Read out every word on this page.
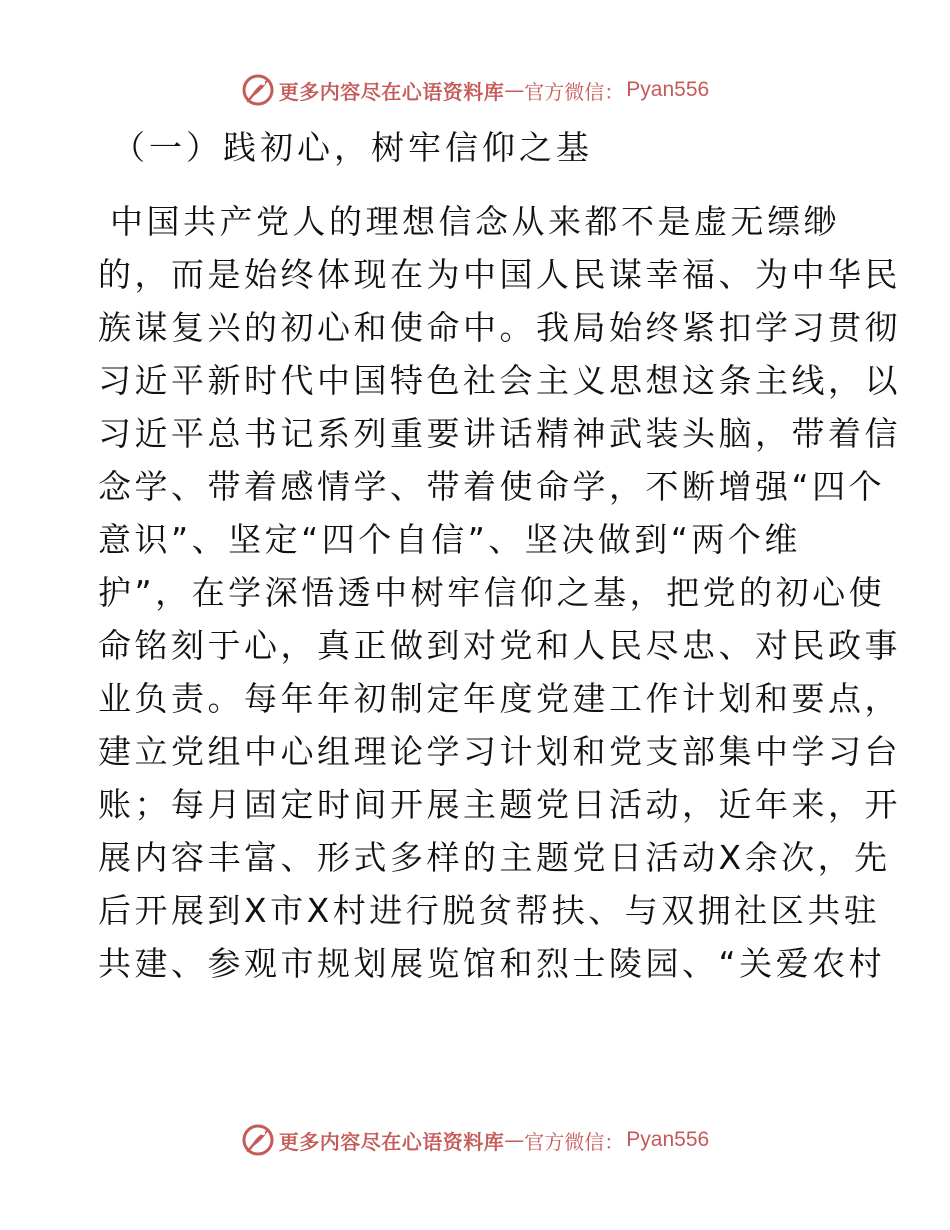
更多内容尽在心语资料库 — 官方微信： Pyan556
（一）践初心，树牢信仰之基
中国共产党人的理想信念从来都不是虚无缥缈
的，而是始终体现在为中国人民谋幸福、为中华民
族谋复兴的初心和使命中。我局始终紧扣学习贯彻
习近平新时代中国特色社会主义思想这条主线，以
习近平总书记系列重要讲话精神武装头脑，带着信
念学、带着感情学、带着使命学，不断增强“四个
意识”、坚定“四个自信”、坚决做到“两个维
护”，在学深悟透中树牢信仰之基，把党的初心使
命铭刻于心，真正做到对党和人民尽忠、对民政事
业负责。每年年初制定年度党建工作计划和要点，
建立党组中心组理论学习计划和党支部集中学习台
账；每月固定时间开展主题党日活动，近年来，开
展内容丰富、形式多样的主题党日活动X余次，先
后开展到X市X村进行脱贫帮扶、与双拥社区共驻
共建、参观市规划展览馆和烈士陵园、“关爱农村
更多内容尽在心语资料库 — 官方微信： Pyan556
